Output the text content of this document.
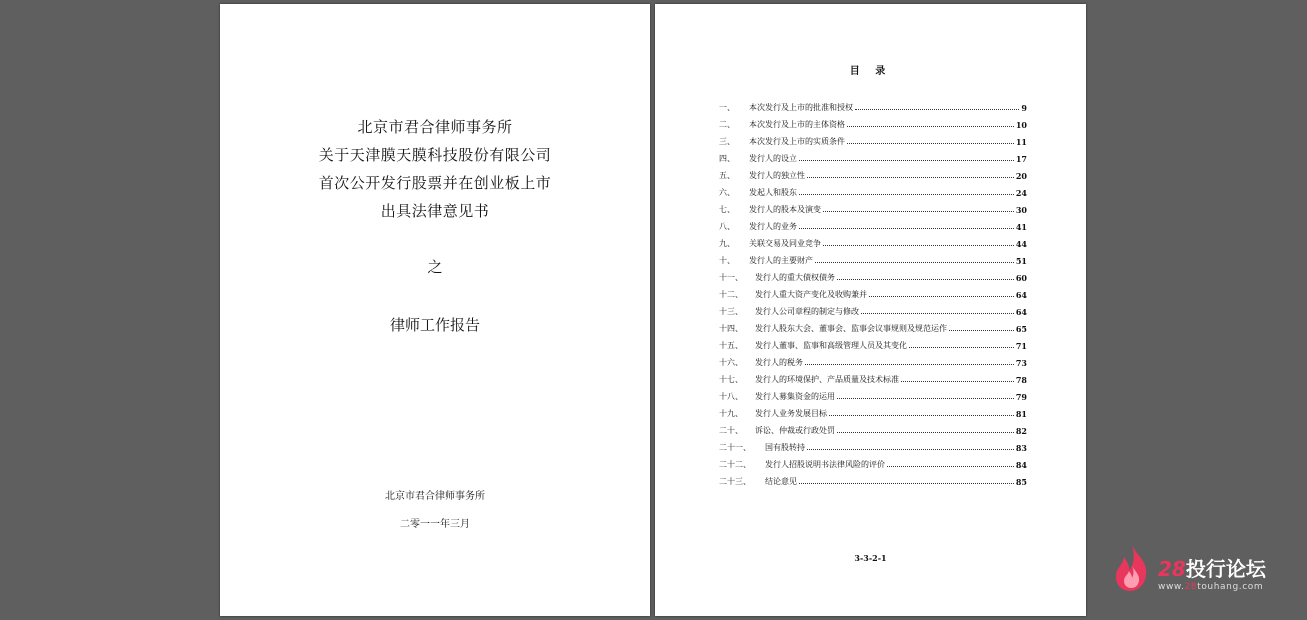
北京市君合律师事务所
关于天津膜天膜科技股份有限公司
首次公开发行股票并在创业板上市
出具法律意见书
之
律师工作报告
北京市君合律师事务所
二零一一年三月
目 录
一、 本次发行及上市的批准和授权	9
二、 本次发行及上市的主体资格	10
三、 本次发行及上市的实质条件	11
四、 发行人的设立	17
五、 发行人的独立性	20
六、 发起人和股东	24
七、 发行人的股本及演变	30
八、 发行人的业务	41
九、 关联交易及同业竞争	44
十、 发行人的主要财产	51
十一、 发行人的重大债权债务	60
十二、 发行人重大资产变化及收购兼并	64
十三、 发行人公司章程的制定与修改	64
十四、 发行人股东大会、董事会、监事会议事规则及规范运作	65
十五、 发行人董事、监事和高级管理人员及其变化	71
十六、 发行人的税务	73
十七、 发行人的环境保护、产品质量及技术标准	78
十八、 发行人募集资金的运用	79
十九、 发行人业务发展目标	81
二十、 诉讼、仲裁或行政处罚	82
二十一、 国有股转持	83
二十二、 发行人招股说明书法律风险的评价	84
二十三、 结论意见	85
3-3-2-1	28投行论坛
www.28touhang.com
